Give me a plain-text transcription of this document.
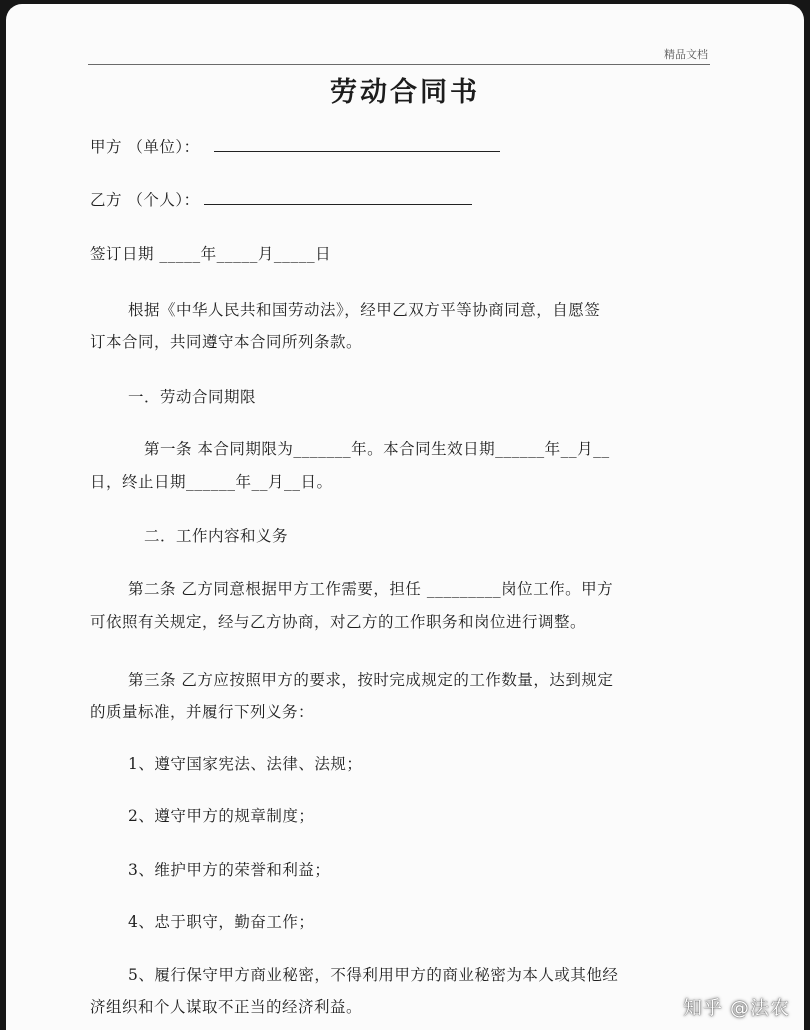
精品文档
劳动合同书
甲方 （单位）：
乙方 （个人）：
签订日期 _____年_____月_____日
根据《中华人民共和国劳动法》，经甲乙双方平等协商同意，自愿签
订本合同，共同遵守本合同所列条款。
一．劳动合同期限
第一条 本合同期限为_______年。本合同生效日期______年__月__
日，终止日期______年__月__日。
二．工作内容和义务
第二条 乙方同意根据甲方工作需要，担任 _________岗位工作。甲方
可依照有关规定，经与乙方协商，对乙方的工作职务和岗位进行调整。
第三条 乙方应按照甲方的要求，按时完成规定的工作数量，达到规定
的质量标准，并履行下列义务：
1、遵守国家宪法、法律、法规；
2、遵守甲方的规章制度；
3、维护甲方的荣誉和利益；
4、忠于职守，勤奋工作；
5、履行保守甲方商业秘密，不得利用甲方的商业秘密为本人或其他经
济组织和个人谋取不正当的经济利益。	知乎 @法农
